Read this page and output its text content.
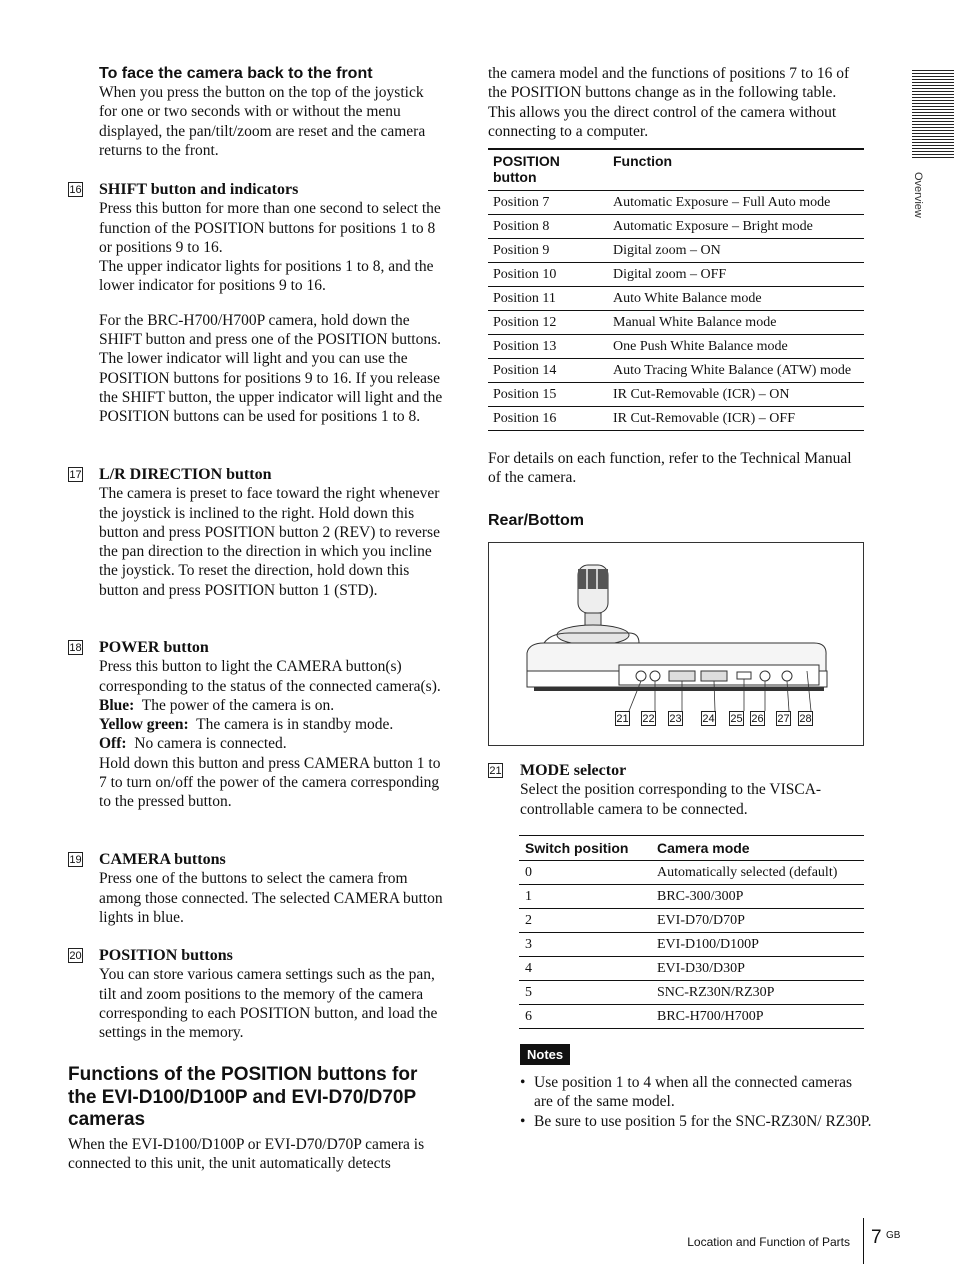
Overview
To face the camera back to the front

When you press the button on the top of the joystick for one or two seconds with or without the menu displayed, the pan/tilt/zoom are reset and the camera returns to the front.

16 SHIFT button and indicators

Press this button for more than one second to select the function of the POSITION buttons for positions 1 to 8 or positions 9 to 16.

The upper indicator lights for positions 1 to 8, and the lower indicator for positions 9 to 16.

For the BRC-H700/H700P camera, hold down the SHIFT button and press one of the POSITION buttons. The lower indicator will light and you can use the POSITION buttons for positions 9 to 16. If you release the SHIFT button, the upper indicator will light and the POSITION buttons can be used for positions 1 to 8.

17 L/R DIRECTION button

The camera is preset to face toward the right whenever the joystick is inclined to the right. Hold down this button and press POSITION button 2 (REV) to reverse the pan direction to the direction in which you incline the joystick. To reset the direction, hold down this button and press POSITION button 1 (STD).

18 POWER button

Press this button to light the CAMERA button(s) corresponding to the status of the connected camera(s).

Blue: The power of the camera is on.

Yellow green: The camera is in standby mode.

Off: No camera is connected.

Hold down this button and press CAMERA button 1 to 7 to turn on/off the power of the camera corresponding to the pressed button.

19 CAMERA buttons

Press one of the buttons to select the camera from among those connected. The selected CAMERA button lights in blue.

20 POSITION buttons

You can store various camera settings such as the pan, tilt and zoom positions to the memory of the camera corresponding to each POSITION button, and load the settings in the memory.

Functions of the POSITION buttons for the EVI-D100/D100P and EVI-D70/D70P cameras

When the EVI-D100/D100P or EVI-D70/D70P camera is connected to this unit, the unit automatically detects

the camera model and the functions of positions 7 to 16 of the POSITION buttons change as in the following table. This allows you the direct control of the camera without connecting to a computer.

POSITION button	Function
Position 7	Automatic Exposure – Full Auto mode
Position 8	Automatic Exposure – Bright mode
Position 9	Digital zoom – ON
Position 10	Digital zoom – OFF
Position 11	Auto White Balance mode
Position 12	Manual White Balance mode
Position 13	One Push White Balance mode
Position 14	Auto Tracing White Balance (ATW) mode
Position 15	IR Cut-Removable (ICR) – ON
Position 16	IR Cut-Removable (ICR) – OFF

For details on each function, refer to the Technical Manual of the camera.

Rear/Bottom
21 22 23 24 25 26 27 28
21 MODE selector

Select the position corresponding to the VISCA-controllable camera to be connected.

Switch position	Camera mode
0	Automatically selected (default)
1	BRC-300/300P
2	EVI-D70/D70P
3	EVI-D100/D100P
4	EVI-D30/D30P
5	SNC-RZ30N/RZ30P
6	BRC-H700/H700P
Notes
• Use position 1 to 4 when all the connected cameras are of the same model.
• Be sure to use position 5 for the SNC-RZ30N/ RZ30P.
Location and Function of Parts 7 GB
